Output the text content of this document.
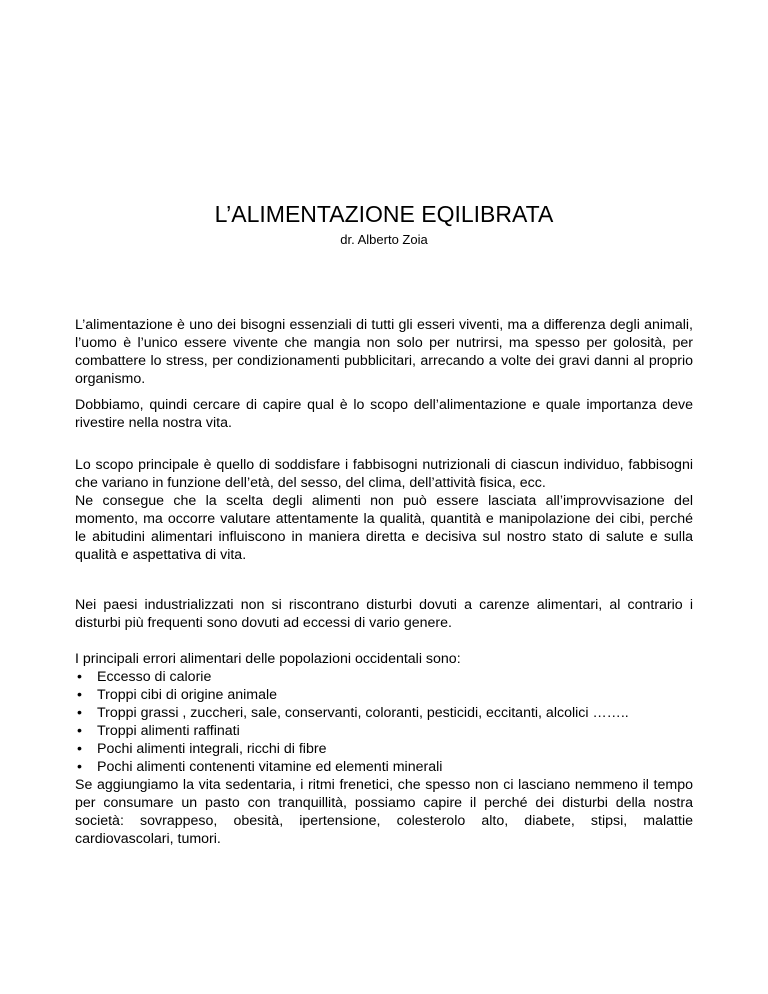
L’ALIMENTAZIONE EQILIBRATA
dr. Alberto Zoia

L’alimentazione è uno dei bisogni essenziali di tutti gli esseri viventi, ma a differenza degli animali, l’uomo è l’unico essere vivente che mangia non solo per nutrirsi, ma spesso per golosità, per combattere lo stress, per condizionamenti pubblicitari, arrecando a volte dei gravi danni al proprio organismo.

Dobbiamo, quindi cercare di capire qual è lo scopo dell’alimentazione e quale importanza deve rivestire nella nostra vita.

Lo scopo principale è quello di soddisfare i fabbisogni nutrizionali di ciascun individuo, fabbisogni che variano in funzione dell’età, del sesso, del clima, dell’attività fisica, ecc.

Ne consegue che la scelta degli alimenti non può essere lasciata all’improvvisazione del momento, ma occorre valutare attentamente la qualità, quantità e manipolazione dei cibi, perché le abitudini alimentari influiscono in maniera diretta e decisiva sul nostro stato di salute e sulla qualità e aspettativa di vita.

Nei paesi industrializzati non si riscontrano disturbi dovuti a carenze alimentari, al contrario i disturbi più frequenti sono dovuti ad eccessi di vario genere.

I principali errori alimentari delle popolazioni occidentali sono:

• Eccesso di calorie
• Troppi cibi di origine animale
• Troppi grassi , zuccheri, sale, conservanti, coloranti, pesticidi, eccitanti, alcolici ……..
• Troppi alimenti raffinati
• Pochi alimenti integrali, ricchi di fibre
• Pochi alimenti contenenti vitamine ed elementi minerali

Se aggiungiamo la vita sedentaria, i ritmi frenetici, che spesso non ci lasciano nemmeno il tempo per consumare un pasto con tranquillità, possiamo capire il perché dei disturbi della nostra società: sovrappeso, obesità, ipertensione, colesterolo alto, diabete, stipsi, malattie cardiovascolari, tumori.
